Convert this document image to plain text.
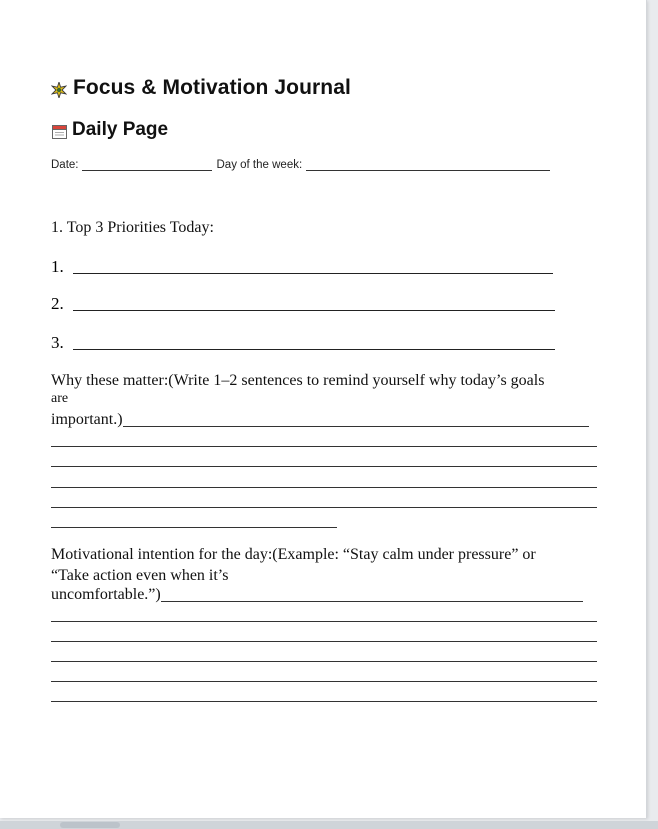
Focus & Motivation Journal
Daily Page
Date:	Day of the week:
1. Top 3 Priorities Today:
1.
2.
3.
Why these matter:(Write 1–2 sentences to remind yourself why today’s goals
are
important.)
Motivational intention for the day:(Example: “Stay calm under pressure” or
“Take action even when it’s
uncomfortable.”)
